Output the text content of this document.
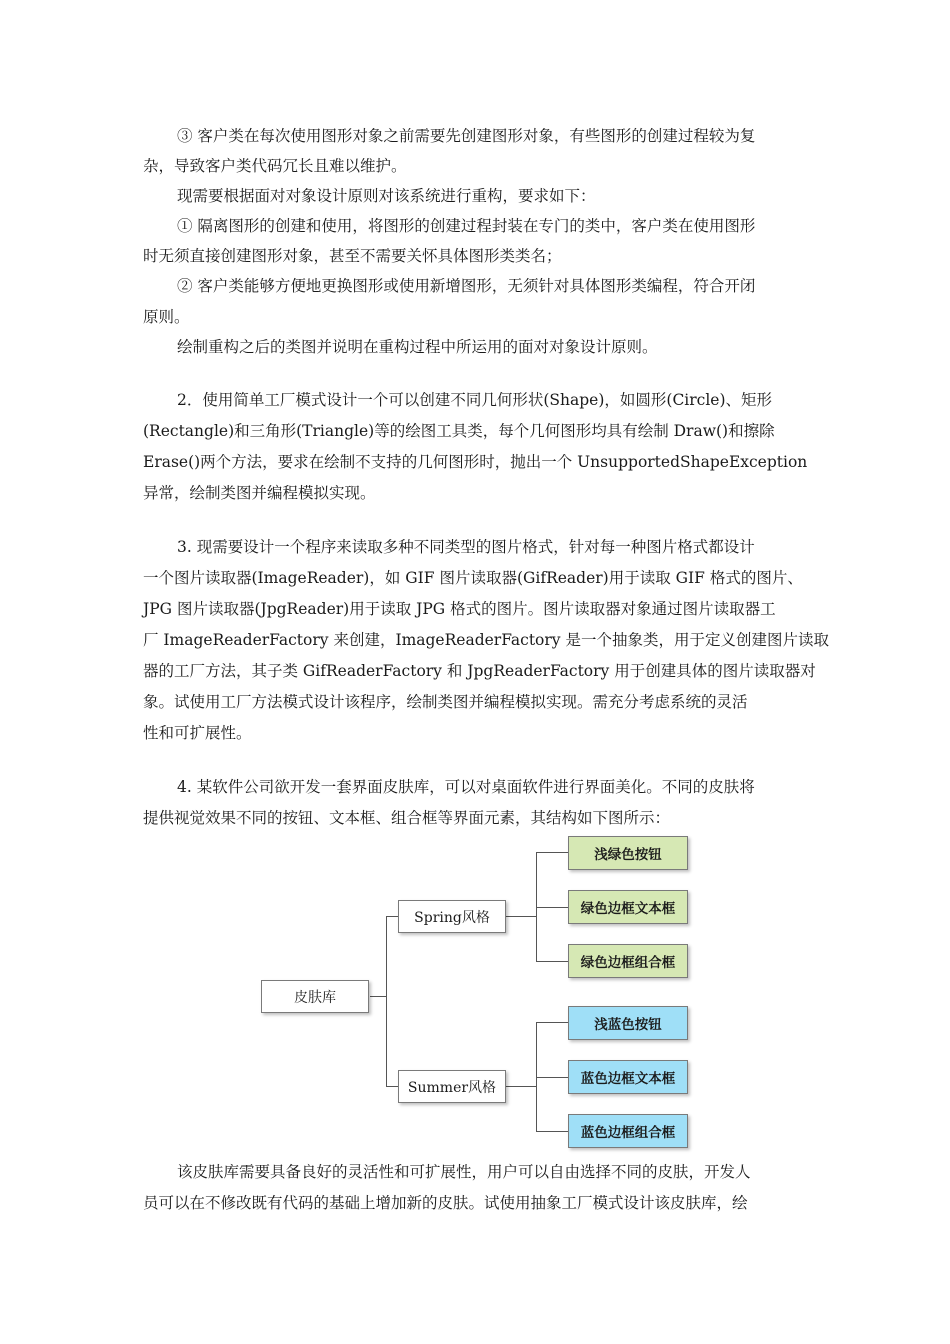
③ 客户类在每次使用图形对象之前需要先创建图形对象，有些图形的创建过程较为复
杂，导致客户类代码冗长且难以维护。
现需要根据面对对象设计原则对该系统进行重构，要求如下：
① 隔离图形的创建和使用，将图形的创建过程封装在专门的类中，客户类在使用图形
时无须直接创建图形对象，甚至不需要关怀具体图形类类名；
② 客户类能够方便地更换图形或使用新增图形，无须针对具体图形类编程，符合开闭
原则。
绘制重构之后的类图并说明在重构过程中所运用的面对对象设计原则。
2．使用简单工厂模式设计一个可以创建不同几何形状(Shape)，如圆形(Circle)、矩形
(Rectangle)和三角形(Triangle)等的绘图工具类，每个几何图形均具有绘制 Draw()和擦除
Erase()两个方法，要求在绘制不支持的几何图形时，抛出一个 UnsupportedShapeException
异常，绘制类图并编程模拟实现。
3. 现需要设计一个程序来读取多种不同类型的图片格式，针对每一种图片格式都设计
一个图片读取器(ImageReader)，如 GIF 图片读取器(GifReader)用于读取 GIF 格式的图片、
JPG 图片读取器(JpgReader)用于读取 JPG 格式的图片。图片读取器对象通过图片读取器工
厂 ImageReaderFactory 来创建，ImageReaderFactory 是一个抽象类，用于定义创建图片读取
器的工厂方法，其子类 GifReaderFactory 和 JpgReaderFactory 用于创建具体的图片读取器对
象。试使用工厂方法模式设计该程序，绘制类图并编程模拟实现。需充分考虑系统的灵活
性和可扩展性。
4. 某软件公司欲开发一套界面皮肤库，可以对桌面软件进行界面美化。不同的皮肤将
提供视觉效果不同的按钮、文本框、组合框等界面元素，其结构如下图所示：
皮肤库
Spring风格
Summer风格
浅绿色按钮
绿色边框文本框
绿色边框组合框
浅蓝色按钮
蓝色边框文本框
蓝色边框组合框
该皮肤库需要具备良好的灵活性和可扩展性，用户可以自由选择不同的皮肤，开发人
员可以在不修改既有代码的基础上增加新的皮肤。试使用抽象工厂模式设计该皮肤库，绘
